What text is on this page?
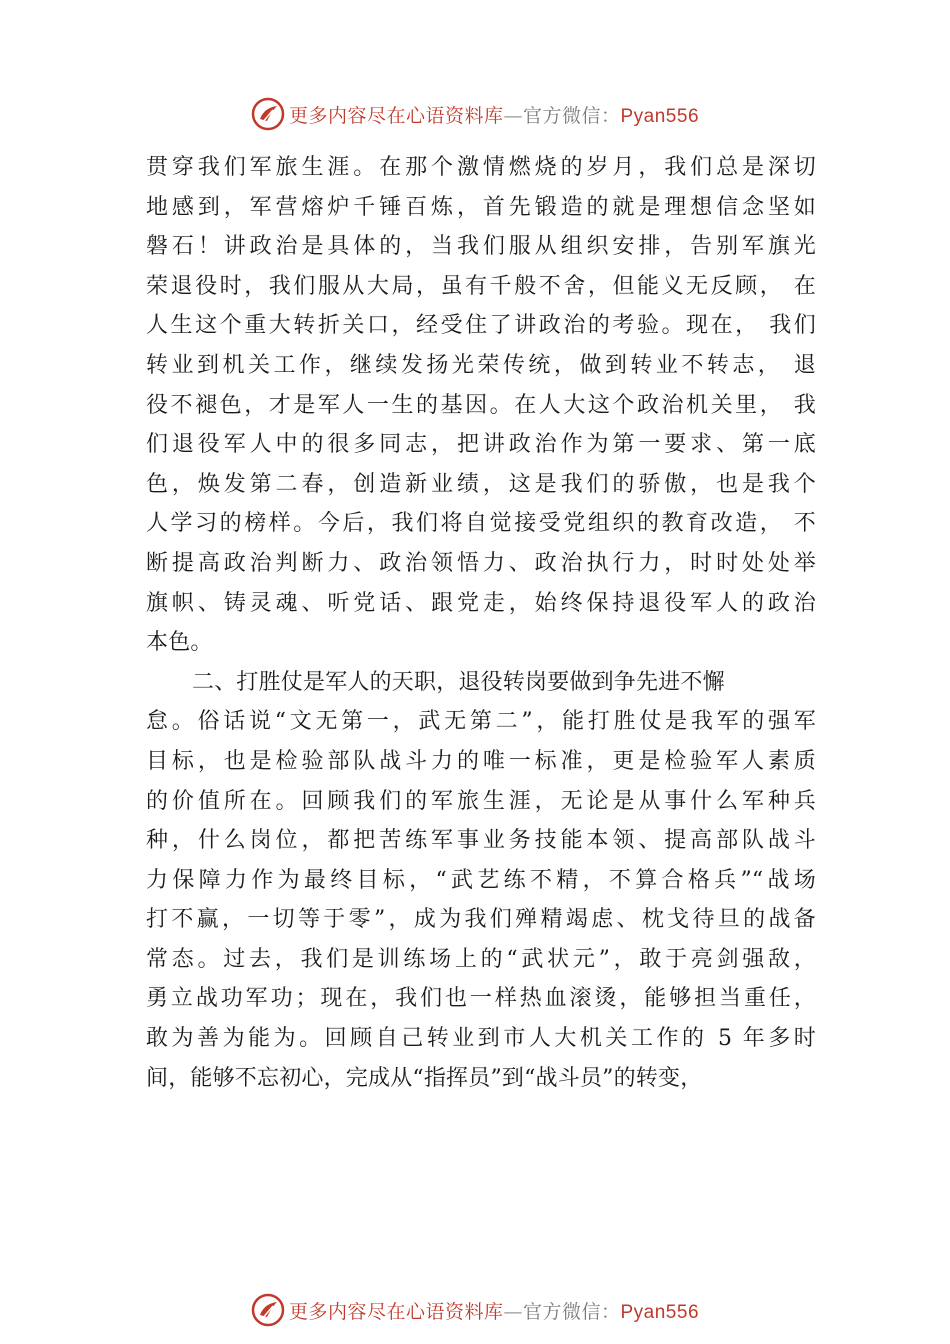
更多内容尽在心语资料库—官方微信：Pyan556
贯穿我们军旅生涯。在那个激情燃烧的岁月，我们总是深切
地感到，军营熔炉千锤百炼，首先锻造的就是理想信念坚如
磐石！讲政治是具体的，当我们服从组织安排，告别军旗光
荣退役时，我们服从大局，虽有千般不舍，但能义无反顾， 在
人生这个重大转折关口，经受住了讲政治的考验。现在， 我们
转业到机关工作，继续发扬光荣传统，做到转业不转志， 退
役不褪色，才是军人一生的基因。在人大这个政治机关里， 我
们退役军人中的很多同志，把讲政治作为第一要求、第一底
色，焕发第二春，创造新业绩，这是我们的骄傲，也是我个
人学习的榜样。今后，我们将自觉接受党组织的教育改造， 不
断提高政治判断力、政治领悟力、政治执行力，时时处处举
旗帜、铸灵魂、听党话、跟党走，始终保持退役军人的政治
本色。
二、打胜仗是军人的天职，退役转岗要做到争先进不懈
怠。俗话说“文无第一，武无第二”，能打胜仗是我军的强军
目标，也是检验部队战斗力的唯一标准，更是检验军人素质
的价值所在。回顾我们的军旅生涯，无论是从事什么军种兵
种，什么岗位，都把苦练军事业务技能本领、提高部队战斗
力保障力作为最终目标，“武艺练不精，不算合格兵”“战场
打不赢，一切等于零”，成为我们殚精竭虑、枕戈待旦的战备
常态。过去，我们是训练场上的“武状元”，敢于亮剑强敌，
勇立战功军功；现在，我们也一样热血滚烫，能够担当重任，
敢为善为能为。回顾自己转业到市人大机关工作的 5 年多时
间，能够不忘初心，完成从“指挥员”到“战斗员”的转变，
更多内容尽在心语资料库—官方微信：Pyan556
